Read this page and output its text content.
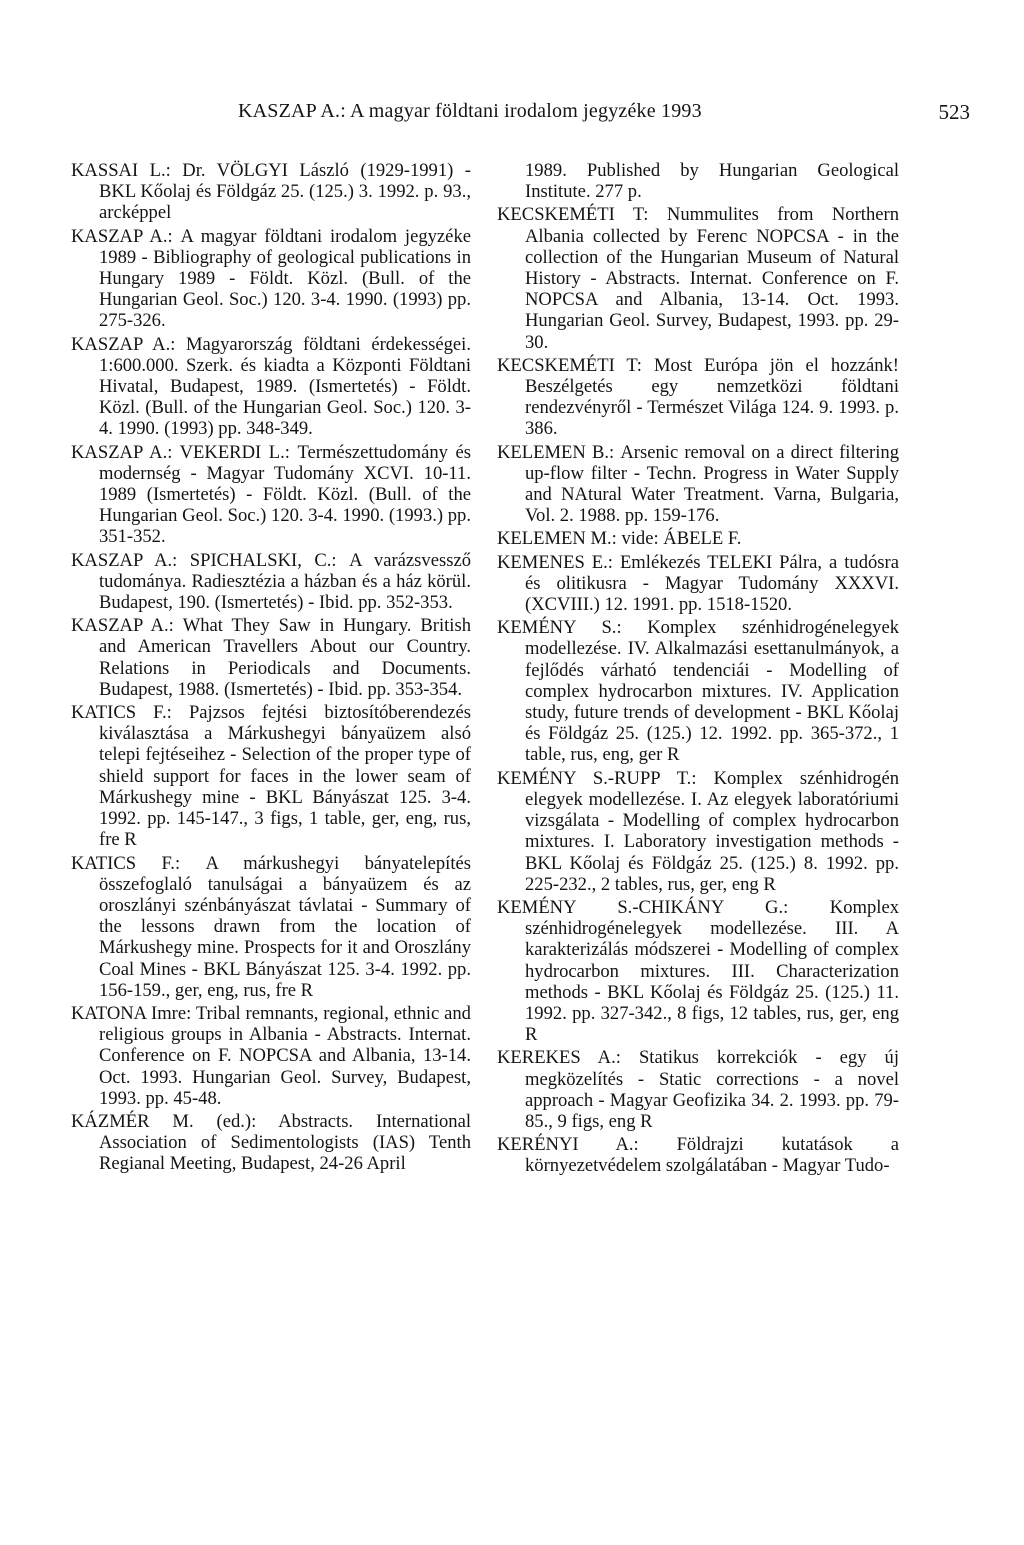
KASZAP A.: A magyar földtani irodalom jegyzéke 1993	523

KASSAI L.: Dr. VÖLGYI László (1929-1991) - BKL Kőolaj és Földgáz 25. (125.) 3. 1992. p. 93., arcképpel

KASZAP A.: A magyar földtani irodalom jegyzéke 1989 - Bibliography of geological publications in Hungary 1989 - Földt. Közl. (Bull. of the Hungarian Geol. Soc.) 120. 3-4. 1990. (1993) pp. 275-326.

KASZAP A.: Magyarország földtani érdekességei. 1:600.000. Szerk. és kiadta a Központi Földtani Hivatal, Budapest, 1989. (Ismertetés) - Földt. Közl. (Bull. of the Hungarian Geol. Soc.) 120. 3-4. 1990. (1993) pp. 348-349.

KASZAP A.: VEKERDI L.: Természettudomány és modernség - Magyar Tudomány XCVI. 10-11. 1989 (Ismertetés) - Földt. Közl. (Bull. of the Hungarian Geol. Soc.) 120. 3-4. 1990. (1993.) pp. 351-352.

KASZAP A.: SPICHALSKI, C.: A varázsvessző tudománya. Radiesztézia a házban és a ház körül. Budapest, 190. (Ismertetés) - Ibid. pp. 352-353.

KASZAP A.: What They Saw in Hungary. British and American Travellers About our Country. Relations in Periodicals and Documents. Budapest, 1988. (Ismertetés) - Ibid. pp. 353-354.

KATICS F.: Pajzsos fejtési biztosítóberendezés kiválasztása a Márkushegyi bányaüzem alsó telepi fejtéseihez - Selection of the proper type of shield support for faces in the lower seam of Márkushegy mine - BKL Bányászat 125. 3-4. 1992. pp. 145-147., 3 figs, 1 table, ger, eng, rus, fre R

KATICS F.: A márkushegyi bányatelepítés összefoglaló tanulságai a bányaüzem és az oroszlányi szénbányászat távlatai - Summary of the lessons drawn from the location of Márkushegy mine. Prospects for it and Oroszlány Coal Mines - BKL Bányászat 125. 3-4. 1992. pp. 156-159., ger, eng, rus, fre R

KATONA Imre: Tribal remnants, regional, ethnic and religious groups in Albania - Abstracts. Internat. Conference on F. NOPCSA and Albania, 13-14. Oct. 1993. Hungarian Geol. Survey, Budapest, 1993. pp. 45-48.

KÁZMÉR M. (ed.): Abstracts. International Association of Sedimentologists (IAS) Tenth Regianal Meeting, Budapest, 24-26 April

1989. Published by Hungarian Geological Institute. 277 p.

KECSKEMÉTI T: Nummulites from Northern Albania collected by Ferenc NOPCSA - in the collection of the Hungarian Museum of Natural History - Abstracts. Internat. Conference on F. NOPCSA and Albania, 13-14. Oct. 1993. Hungarian Geol. Survey, Budapest, 1993. pp. 29-30.

KECSKEMÉTI T: Most Európa jön el hozzánk! Beszélgetés egy nemzetközi földtani rendezvényről - Természet Világa 124. 9. 1993. p. 386.

KELEMEN B.: Arsenic removal on a direct filtering up-flow filter - Techn. Progress in Water Supply and NAtural Water Treatment. Varna, Bulgaria, Vol. 2. 1988. pp. 159-176.

KELEMEN M.: vide: ÁBELE F.

KEMENES E.: Emlékezés TELEKI Pálra, a tudósra és olitikusra - Magyar Tudomány XXXVI. (XCVIII.) 12. 1991. pp. 1518-1520.

KEMÉNY S.: Komplex szénhidrogénelegyek modellezése. IV. Alkalmazási esettanulmányok, a fejlődés várható tendenciái - Modelling of complex hydrocarbon mixtures. IV. Application study, future trends of development - BKL Kőolaj és Földgáz 25. (125.) 12. 1992. pp. 365-372., 1 table, rus, eng, ger R

KEMÉNY S.-RUPP T.: Komplex szénhidrogén elegyek modellezése. I. Az elegyek laboratóriumi vizsgálata - Modelling of complex hydrocarbon mixtures. I. Laboratory investigation methods - BKL Kőolaj és Földgáz 25. (125.) 8. 1992. pp. 225-232., 2 tables, rus, ger, eng R

KEMÉNY S.-CHIKÁNY G.: Komplex szénhidrogénelegyek modellezése. III. A karakterizálás módszerei - Modelling of complex hydrocarbon mixtures. III. Characterization methods - BKL Kőolaj és Földgáz 25. (125.) 11. 1992. pp. 327-342., 8 figs, 12 tables, rus, ger, eng R

KEREKES A.: Statikus korrekciók - egy új megközelítés - Static corrections - a novel approach - Magyar Geofizika 34. 2. 1993. pp. 79-85., 9 figs, eng R

KERÉNYI A.: Földrajzi kutatások a környezetvédelem szolgálatában - Magyar Tudo-
